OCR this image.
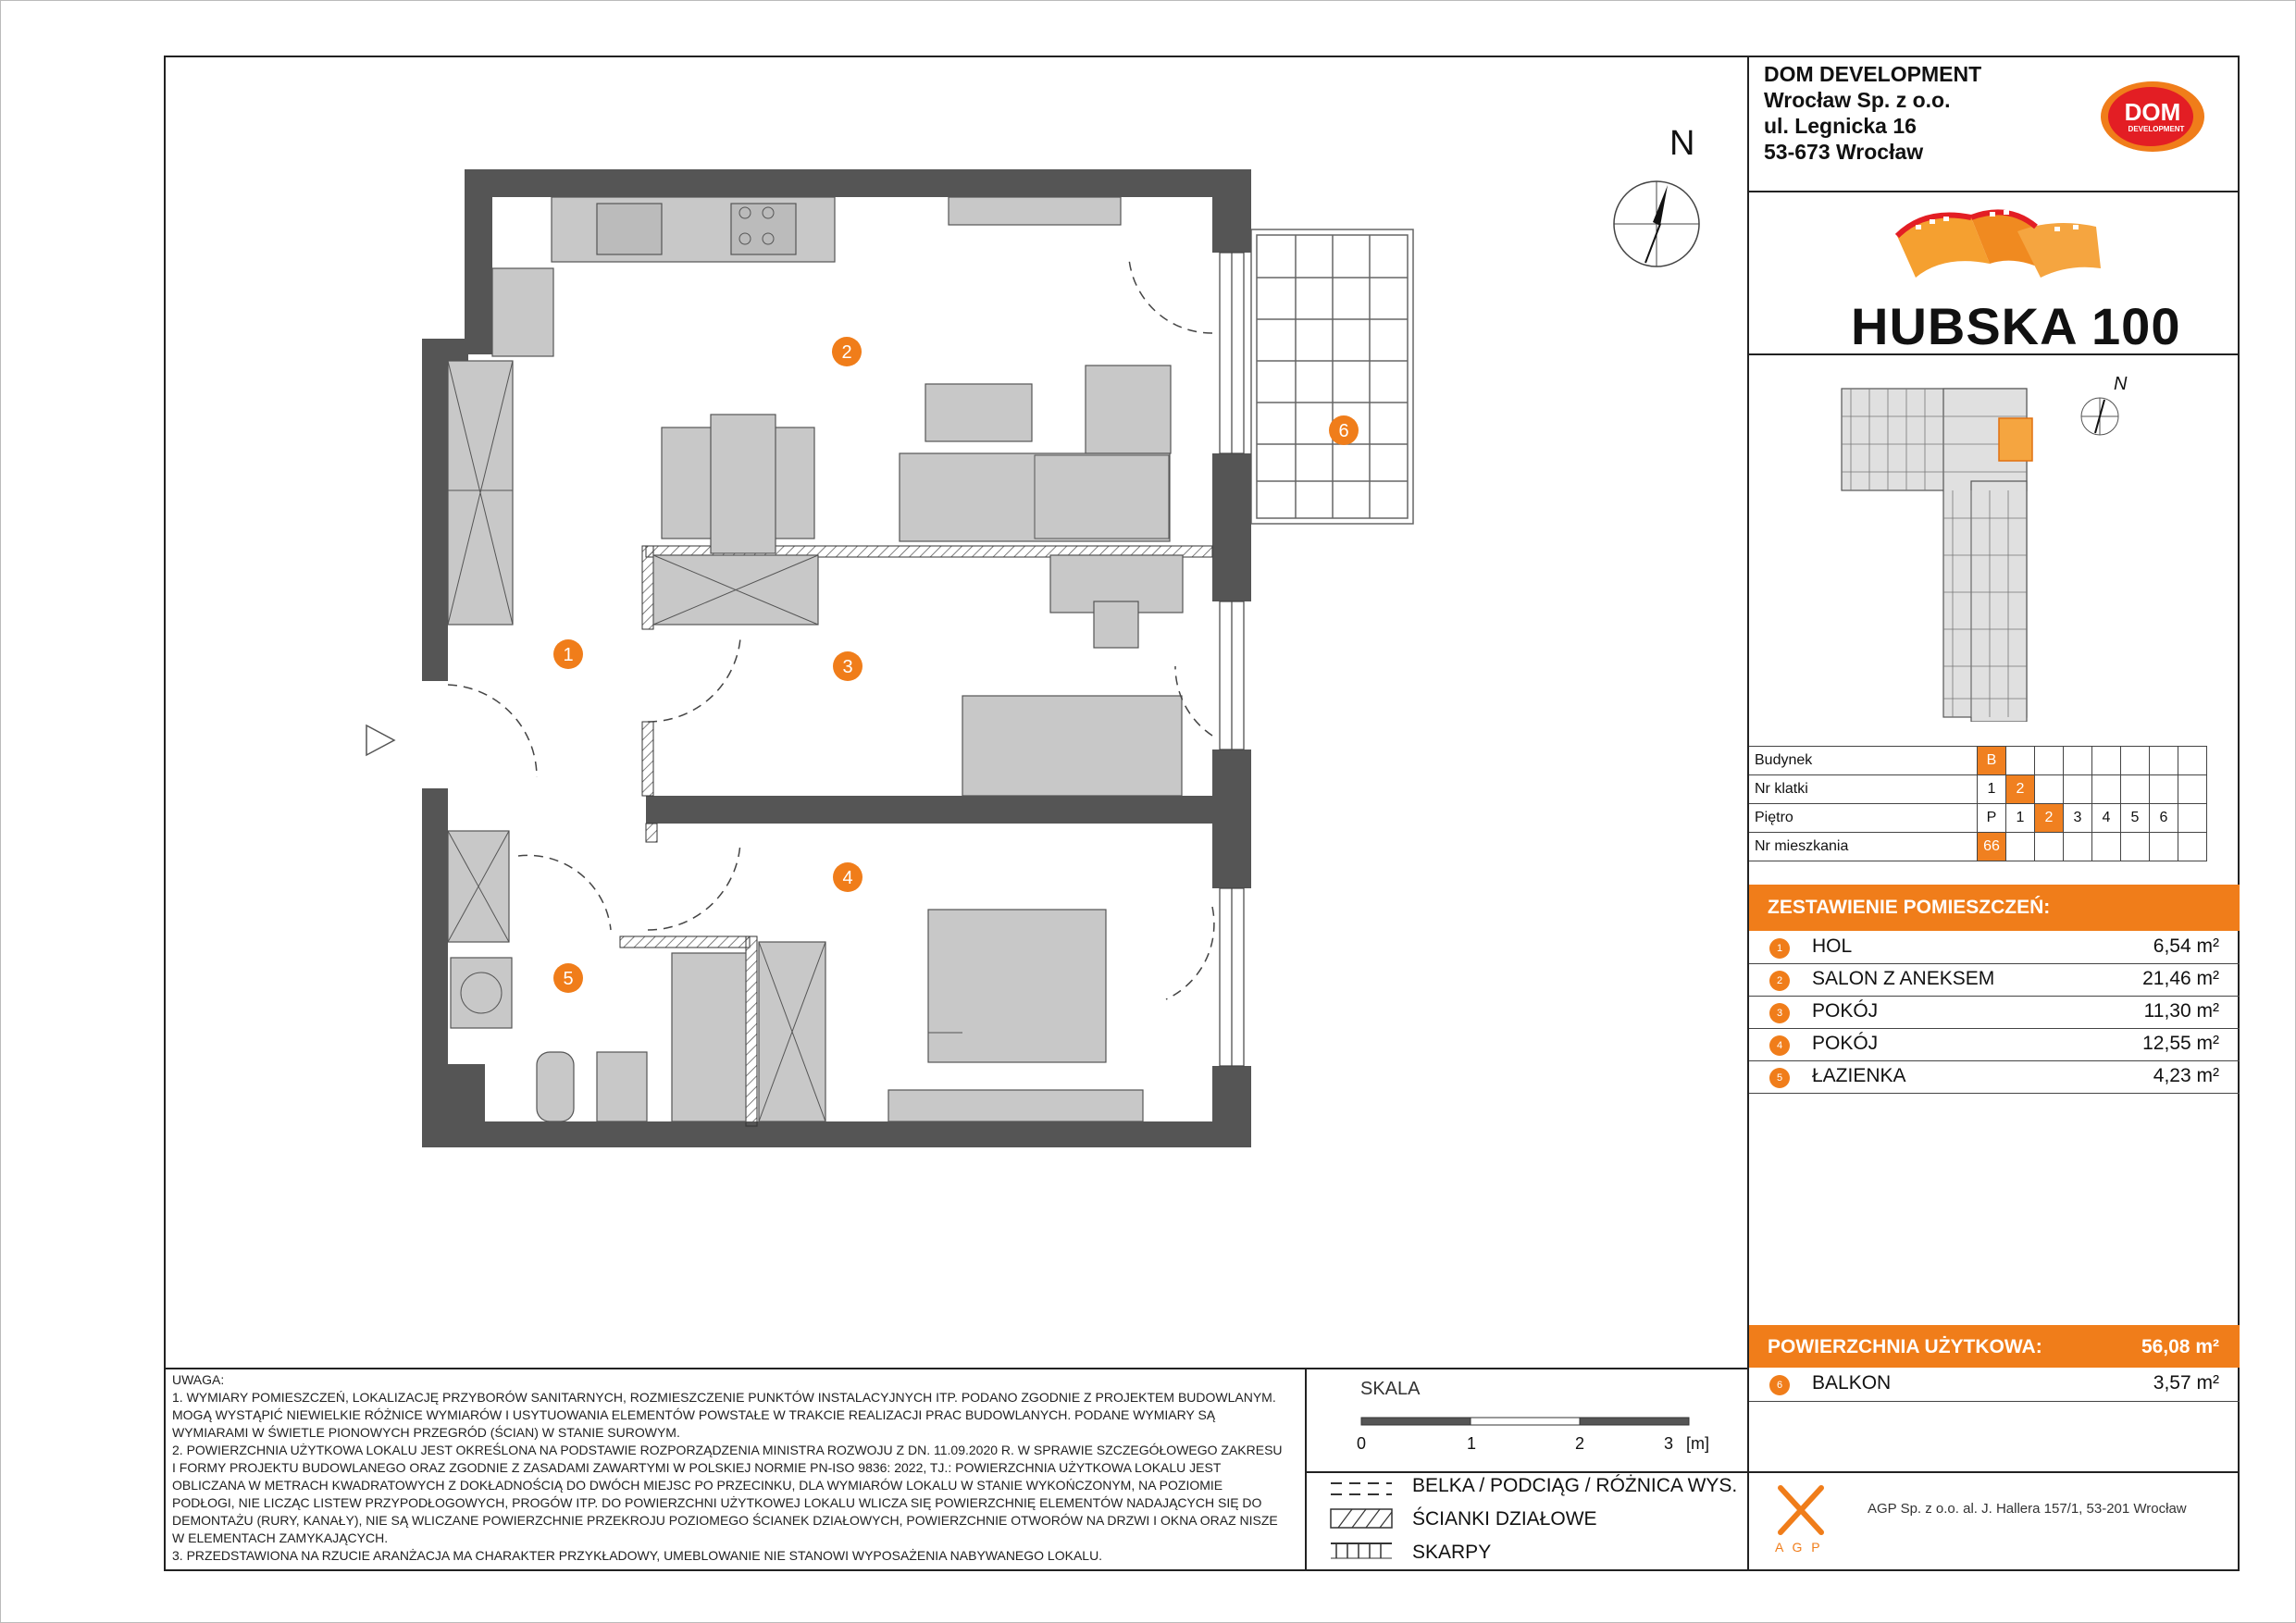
DOM DEVELOPMENT
Wrocław Sp. z o.o.
ul. Legnicka 16
53-673 Wrocław
DOM
DEVELOPMENT
HUBSKA 100
N
N
Budynek	B							
Nr klatki	1	2						
Piętro	P	1	2	3	4	5	6	
Nr mieszkania	66							
ZESTAWIENIE POMIESZCZEŃ:
1	HOL	6,54 m²
2	SALON Z ANEKSEM	21,46 m²
3	POKÓJ	11,30 m²
4	POKÓJ	12,55 m²
5	ŁAZIENKA	4,23 m²
POWIERZCHNIA UŻYTKOWA:	56,08 m²
6	BALKON	3,57 m²
UWAGA:
1. WYMIARY POMIESZCZEŃ, LOKALIZACJĘ PRZYBORÓW SANITARNYCH, ROZMIESZCZENIE PUNKTÓW INSTALACYJNYCH ITP. PODANO ZGODNIE Z PROJEKTEM BUDOWLANYM.
MOGĄ WYSTĄPIĆ NIEWIELKIE RÓŻNICE WYMIARÓW I USYTUOWANIA ELEMENTÓW POWSTAŁE W TRAKCIE REALIZACJI PRAC BUDOWLANYCH. PODANE WYMIARY SĄ
WYMIARAMI W ŚWIETLE PIONOWYCH PRZEGRÓD (ŚCIAN) W STANIE SUROWYM.
2. POWIERZCHNIA UŻYTKOWA LOKALU JEST OKREŚLONA NA PODSTAWIE ROZPORZĄDZENIA MINISTRA ROZWOJU Z DN. 11.09.2020 R. W SPRAWIE SZCZEGÓŁOWEGO ZAKRESU
I FORMY PROJEKTU BUDOWLANEGO ORAZ ZGODNIE Z ZASADAMI ZAWARTYMI W POLSKIEJ NORMIE PN-ISO 9836: 2022, TJ.: POWIERZCHNIA UŻYTKOWA LOKALU JEST
OBLICZANA W METRACH KWADRATOWYCH Z DOKŁADNOŚCIĄ DO DWÓCH MIEJSC PO PRZECINKU, DLA WYMIARÓW LOKALU W STANIE WYKOŃCZONYM, NA POZIOMIE
PODŁOGI, NIE LICZĄC LISTEW PRZYPODŁOGOWYCH, PROGÓW ITP. DO POWIERZCHNI UŻYTKOWEJ LOKALU WLICZA SIĘ POWIERZCHNIĘ ELEMENTÓW NADAJĄCYCH SIĘ DO
DEMONTAŻU (RURY, KANAŁY), NIE SĄ WLICZANE POWIERZCHNIE PRZEKROJU POZIOMEGO ŚCIANEK DZIAŁOWYCH, POWIERZCHNIE OTWORÓW NA DRZWI I OKNA ORAZ NISZE
W ELEMENTACH ZAMYKAJĄCYCH.
3. PRZEDSTAWIONA NA RZUCIE ARANŻACJA MA CHARAKTER PRZYKŁADOWY, UMEBLOWANIE NIE STANOWI WYPOSAŻENIA NABYWANEGO LOKALU.
SKALA
0	1	2	3 [m]
BELKA / PODCIĄG / RÓŻNICA WYS.
ŚCIANKI DZIAŁOWE
SKARPY	A G P
AGP Sp. z o.o. al. J. Hallera 157/1, 53-201 Wrocław
1
2
3
4
5
6
